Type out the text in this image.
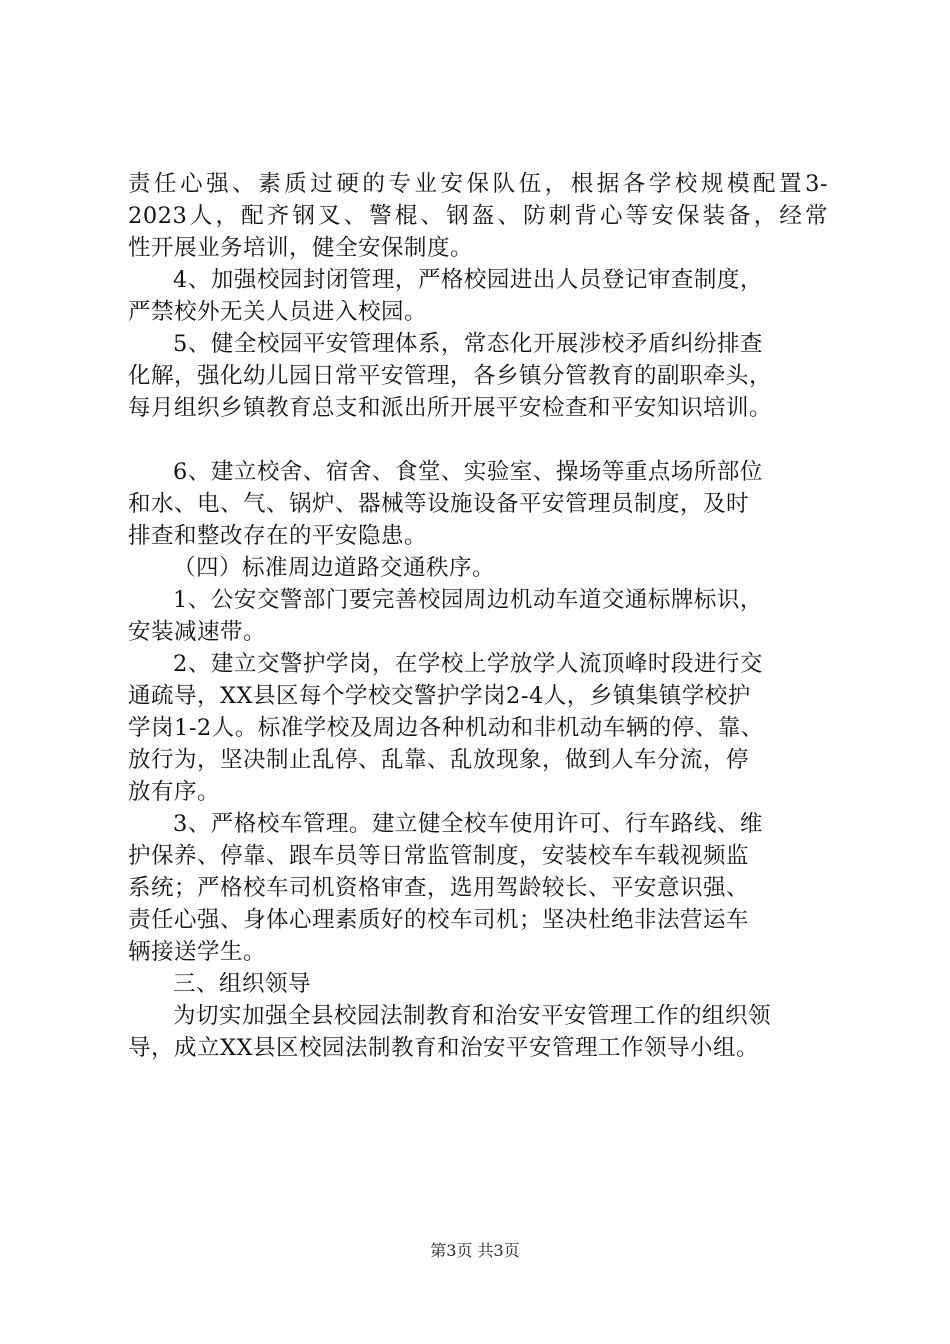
责任心强、素质过硬的专业安保队伍，根据各学校规模配置3-
2023人，配齐钢叉、警棍、钢盔、防刺背心等安保装备，经常
性开展业务培训，健全安保制度。
4、加强校园封闭管理，严格校园进出人员登记审查制度，
严禁校外无关人员进入校园。
5、健全校园平安管理体系，常态化开展涉校矛盾纠纷排查
化解，强化幼儿园日常平安管理，各乡镇分管教育的副职牵头，
每月组织乡镇教育总支和派出所开展平安检查和平安知识培训。
6、建立校舍、宿舍、食堂、实验室、操场等重点场所部位
和水、电、气、锅炉、器械等设施设备平安管理员制度，及时
排查和整改存在的平安隐患。
（四）标准周边道路交通秩序。
1、公安交警部门要完善校园周边机动车道交通标牌标识，
安装减速带。
2、建立交警护学岗，在学校上学放学人流顶峰时段进行交
通疏导，XX县区每个学校交警护学岗2-4人，乡镇集镇学校护
学岗1-2人。标准学校及周边各种机动和非机动车辆的停、靠、
放行为，坚决制止乱停、乱靠、乱放现象，做到人车分流，停
放有序。
3、严格校车管理。建立健全校车使用许可、行车路线、维
护保养、停靠、跟车员等日常监管制度，安装校车车载视频监
系统；严格校车司机资格审查，选用驾龄较长、平安意识强、
责任心强、身体心理素质好的校车司机；坚决杜绝非法营运车
辆接送学生。
三、组织领导
为切实加强全县校园法制教育和治安平安管理工作的组织领
导，成立XX县区校园法制教育和治安平安管理工作领导小组。
第3页 共3页
